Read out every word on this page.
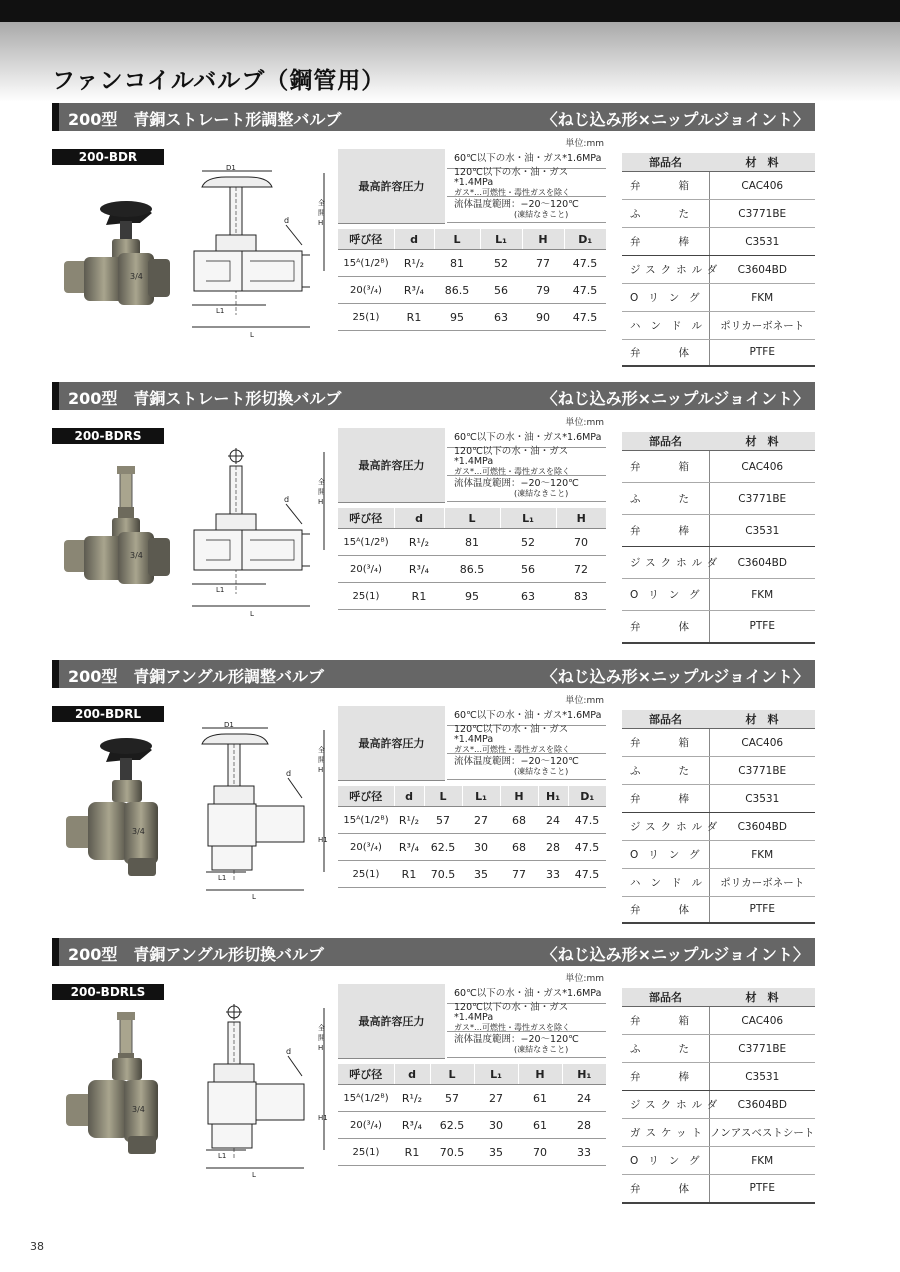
ファンコイルバルブ（鋼管用）
200型　青銅ストレート形調整バルブ	〈ねじ込み形×ニップルジョイント〉
200-BDR
3/4
D1
d
L1
L
全
開
H
単位:mm
最高許容圧力
60℃以下の水・油・ガス*1.6MPa
120℃以下の水・油・ガス*1.4MPa
ガス*…可燃性・毒性ガスを除く
流体温度範囲：−20〜120℃
(凍結なきこと)
呼び径	d	L	L₁	H	D₁
15ᴬ(1/2ᴮ)	R¹/₂	81	52	77	47.5
20(³/₄)	R³/₄	86.5	56	79	47.5
25(1)	R1	95	63	90	47.5
部品名	材　料
弁箱	CAC406
ふた	C3771BE
弁棒	C3531
ジスクホルダ	C3604BD
Oリング	FKM
ハンドル	ポリカーボネート
弁体	PTFE
200型　青銅ストレート形切換バルブ	〈ねじ込み形×ニップルジョイント〉
200-BDRS
3/4
d
L1
L
全
開
H
単位:mm
最高許容圧力
60℃以下の水・油・ガス*1.6MPa
120℃以下の水・油・ガス*1.4MPa
ガス*…可燃性・毒性ガスを除く
流体温度範囲：−20〜120℃
(凍結なきこと)
呼び径	d	L	L₁	H
15ᴬ(1/2ᴮ)	R¹/₂	81	52	70
20(³/₄)	R³/₄	86.5	56	72
25(1)	R1	95	63	83
部品名	材　料
弁箱	CAC406
ふた	C3771BE
弁棒	C3531
ジスクホルダ	C3604BD
Oリング	FKM
弁体	PTFE
200型　青銅アングル形調整バルブ	〈ねじ込み形×ニップルジョイント〉
200-BDRL
3/4
D1
d
L1
L
全
開
H
H1
単位:mm
最高許容圧力
60℃以下の水・油・ガス*1.6MPa
120℃以下の水・油・ガス*1.4MPa
ガス*…可燃性・毒性ガスを除く
流体温度範囲：−20〜120℃
(凍結なきこと)
呼び径	d	L	L₁	H	H₁	D₁
15ᴬ(1/2ᴮ)	R¹/₂	57	27	68	24	47.5
20(³/₄)	R³/₄	62.5	30	68	28	47.5
25(1)	R1	70.5	35	77	33	47.5
部品名	材　料
弁箱	CAC406
ふた	C3771BE
弁棒	C3531
ジスクホルダ	C3604BD
Oリング	FKM
ハンドル	ポリカーボネート
弁体	PTFE
200型　青銅アングル形切換バルブ	〈ねじ込み形×ニップルジョイント〉
200-BDRLS
3/4
d
L1
L
全
開
H
H1
単位:mm
最高許容圧力
60℃以下の水・油・ガス*1.6MPa
120℃以下の水・油・ガス*1.4MPa
ガス*…可燃性・毒性ガスを除く
流体温度範囲：−20〜120℃
(凍結なきこと)
呼び径	d	L	L₁	H	H₁
15ᴬ(1/2ᴮ)	R¹/₂	57	27	61	24
20(³/₄)	R³/₄	62.5	30	61	28
25(1)	R1	70.5	35	70	33
部品名	材　料
弁箱	CAC406
ふた	C3771BE
弁棒	C3531
ジスクホルダ	C3604BD
ガスケット	ノンアスベストシート
Oリング	FKM
弁体	PTFE
38
